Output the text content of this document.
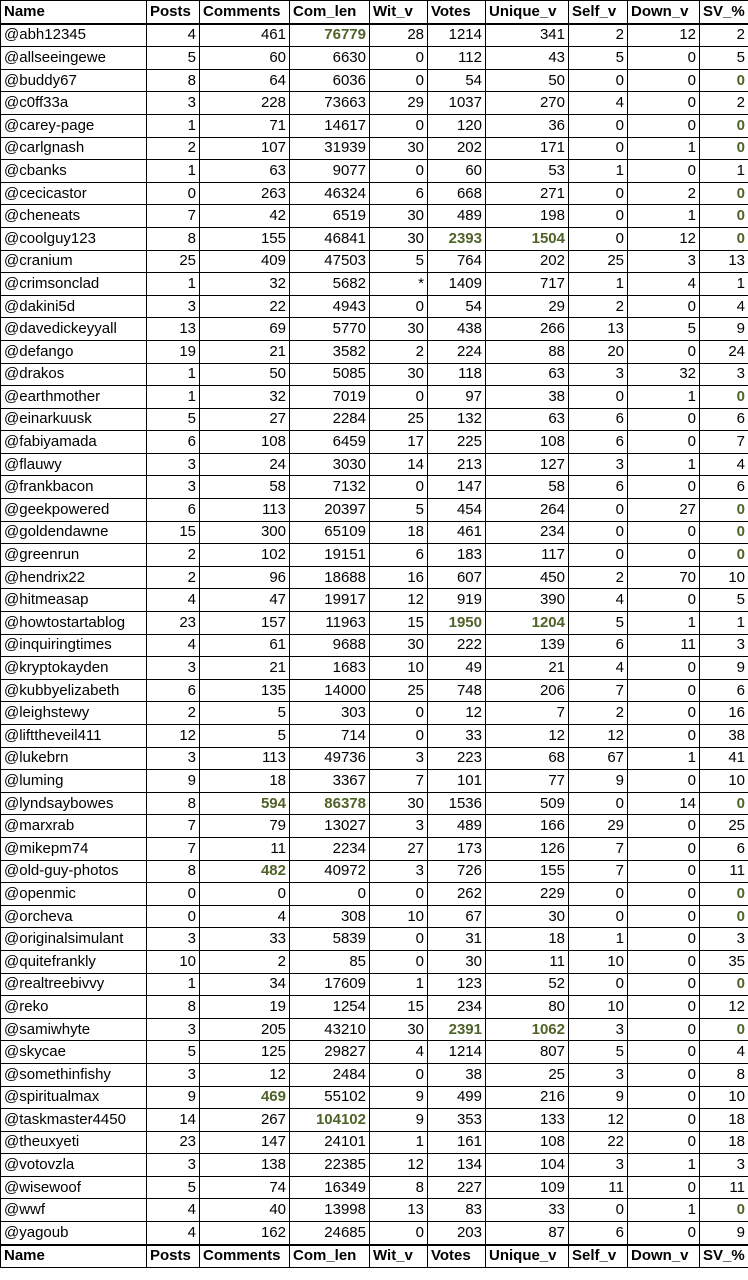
Name	Posts	Comments	Com_len	Wit_v	Votes	Unique_v	Self_v	Down_v	SV_%
@abh12345	4	461	76779	28	1214	341	2	12	2
@allseeingewe	5	60	6630	0	112	43	5	0	5
@buddy67	8	64	6036	0	54	50	0	0	0
@c0ff33a	3	228	73663	29	1037	270	4	0	2
@carey-page	1	71	14617	0	120	36	0	0	0
@carlgnash	2	107	31939	30	202	171	0	1	0
@cbanks	1	63	9077	0	60	53	1	0	1
@cecicastor	0	263	46324	6	668	271	0	2	0
@cheneats	7	42	6519	30	489	198	0	1	0
@coolguy123	8	155	46841	30	2393	1504	0	12	0
@cranium	25	409	47503	5	764	202	25	3	13
@crimsonclad	1	32	5682	*	1409	717	1	4	1
@dakini5d	3	22	4943	0	54	29	2	0	4
@davedickeyyall	13	69	5770	30	438	266	13	5	9
@defango	19	21	3582	2	224	88	20	0	24
@drakos	1	50	5085	30	118	63	3	32	3
@earthmother	1	32	7019	0	97	38	0	1	0
@einarkuusk	5	27	2284	25	132	63	6	0	6
@fabiyamada	6	108	6459	17	225	108	6	0	7
@flauwy	3	24	3030	14	213	127	3	1	4
@frankbacon	3	58	7132	0	147	58	6	0	6
@geekpowered	6	113	20397	5	454	264	0	27	0
@goldendawne	15	300	65109	18	461	234	0	0	0
@greenrun	2	102	19151	6	183	117	0	0	0
@hendrix22	2	96	18688	16	607	450	2	70	10
@hitmeasap	4	47	19917	12	919	390	4	0	5
@howtostartablog	23	157	11963	15	1950	1204	5	1	1
@inquiringtimes	4	61	9688	30	222	139	6	11	3
@kryptokayden	3	21	1683	10	49	21	4	0	9
@kubbyelizabeth	6	135	14000	25	748	206	7	0	6
@leighstewy	2	5	303	0	12	7	2	0	16
@lifttheveil411	12	5	714	0	33	12	12	0	38
@lukebrn	3	113	49736	3	223	68	67	1	41
@luming	9	18	3367	7	101	77	9	0	10
@lyndsaybowes	8	594	86378	30	1536	509	0	14	0
@marxrab	7	79	13027	3	489	166	29	0	25
@mikepm74	7	11	2234	27	173	126	7	0	6
@old-guy-photos	8	482	40972	3	726	155	7	0	11
@openmic	0	0	0	0	262	229	0	0	0
@orcheva	0	4	308	10	67	30	0	0	0
@originalsimulant	3	33	5839	0	31	18	1	0	3
@quitefrankly	10	2	85	0	30	11	10	0	35
@realtreebivvy	1	34	17609	1	123	52	0	0	0
@reko	8	19	1254	15	234	80	10	0	12
@samiwhyte	3	205	43210	30	2391	1062	3	0	0
@skycae	5	125	29827	4	1214	807	5	0	4
@somethinfishy	3	12	2484	0	38	25	3	0	8
@spiritualmax	9	469	55102	9	499	216	9	0	10
@taskmaster4450	14	267	104102	9	353	133	12	0	18
@theuxyeti	23	147	24101	1	161	108	22	0	18
@votovzla	3	138	22385	12	134	104	3	1	3
@wisewoof	5	74	16349	8	227	109	11	0	11
@wwf	4	40	13998	13	83	33	0	1	0
@yagoub	4	162	24685	0	203	87	6	0	9
Name	Posts	Comments	Com_len	Wit_v	Votes	Unique_v	Self_v	Down_v	SV_%
